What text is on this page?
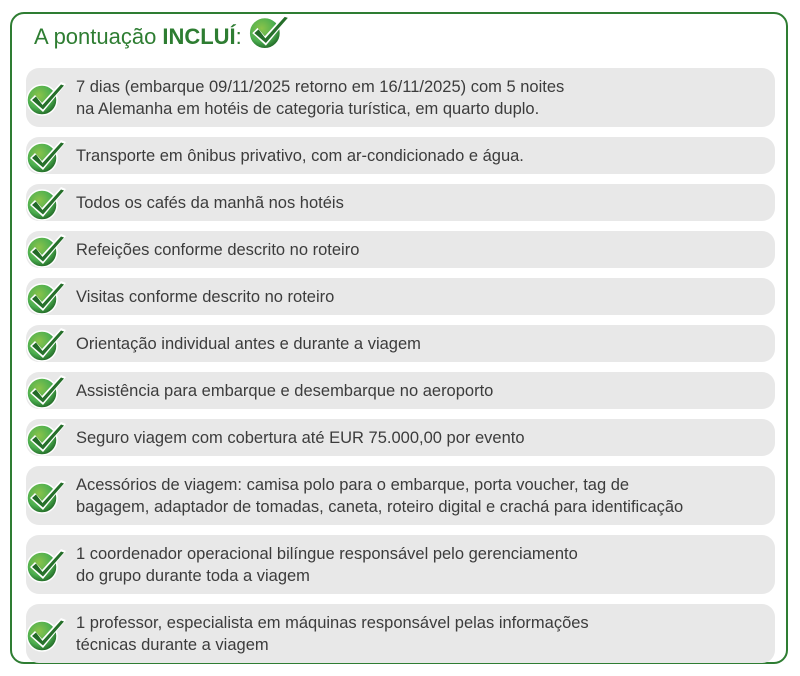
A pontuação INCLUÍ :
7 dias (embarque 09/11/2025 retorno em 16/11/2025) com 5 noites
na Alemanha em hotéis de categoria turística, em quarto duplo.
Transporte em ônibus privativo, com ar-condicionado e água.
Todos os cafés da manhã nos hotéis
Refeições conforme descrito no roteiro
Visitas conforme descrito no roteiro
Orientação individual antes e durante a viagem
Assistência para embarque e desembarque no aeroporto
Seguro viagem com cobertura até EUR 75.000,00 por evento
Acessórios de viagem: camisa polo para o embarque, porta voucher, tag de
bagagem, adaptador de tomadas, caneta, roteiro digital e crachá para identificação
1 coordenador operacional bilíngue responsável pelo gerenciamento
do grupo durante toda a viagem
1 professor, especialista em máquinas responsável pelas informações
técnicas durante a viagem
